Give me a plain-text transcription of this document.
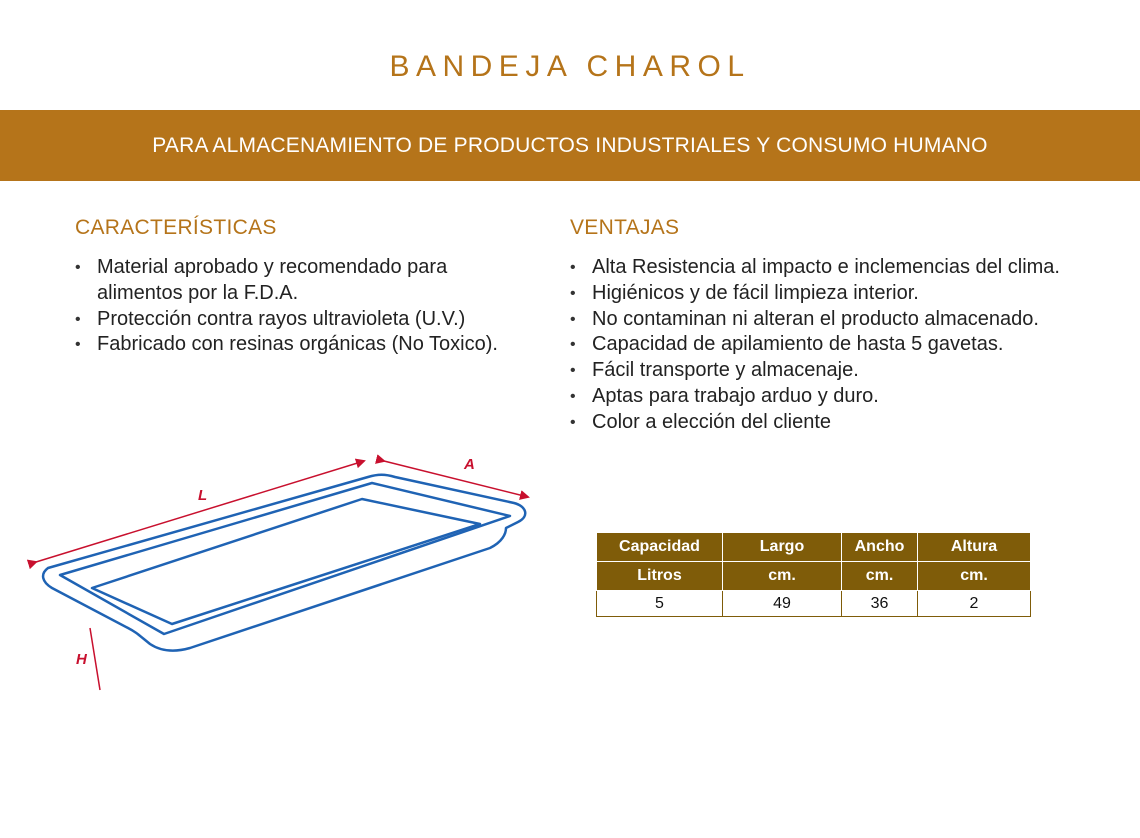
BANDEJA CHAROL
PARA ALMACENAMIENTO DE PRODUCTOS INDUSTRIALES Y CONSUMO HUMANO
CARACTERÍSTICAS
• Material aprobado y recomendado para alimentos por la F.D.A.
• Protección contra rayos ultravioleta (U.V.)
• Fabricado con resinas orgánicas (No Toxico).
VENTAJAS
• Alta Resistencia al impacto e inclemencias del clima.
• Higiénicos y de fácil limpieza interior.
• No contaminan ni alteran el producto almacenado.
• Capacidad de apilamiento de hasta 5 gavetas.
• Fácil transporte y almacenaje.
• Aptas para trabajo arduo y duro.
• Color a elección del cliente
L
A
H
Capacidad	Largo	Ancho	Altura
Litros	cm.	cm.	cm.
5	49	36	2
